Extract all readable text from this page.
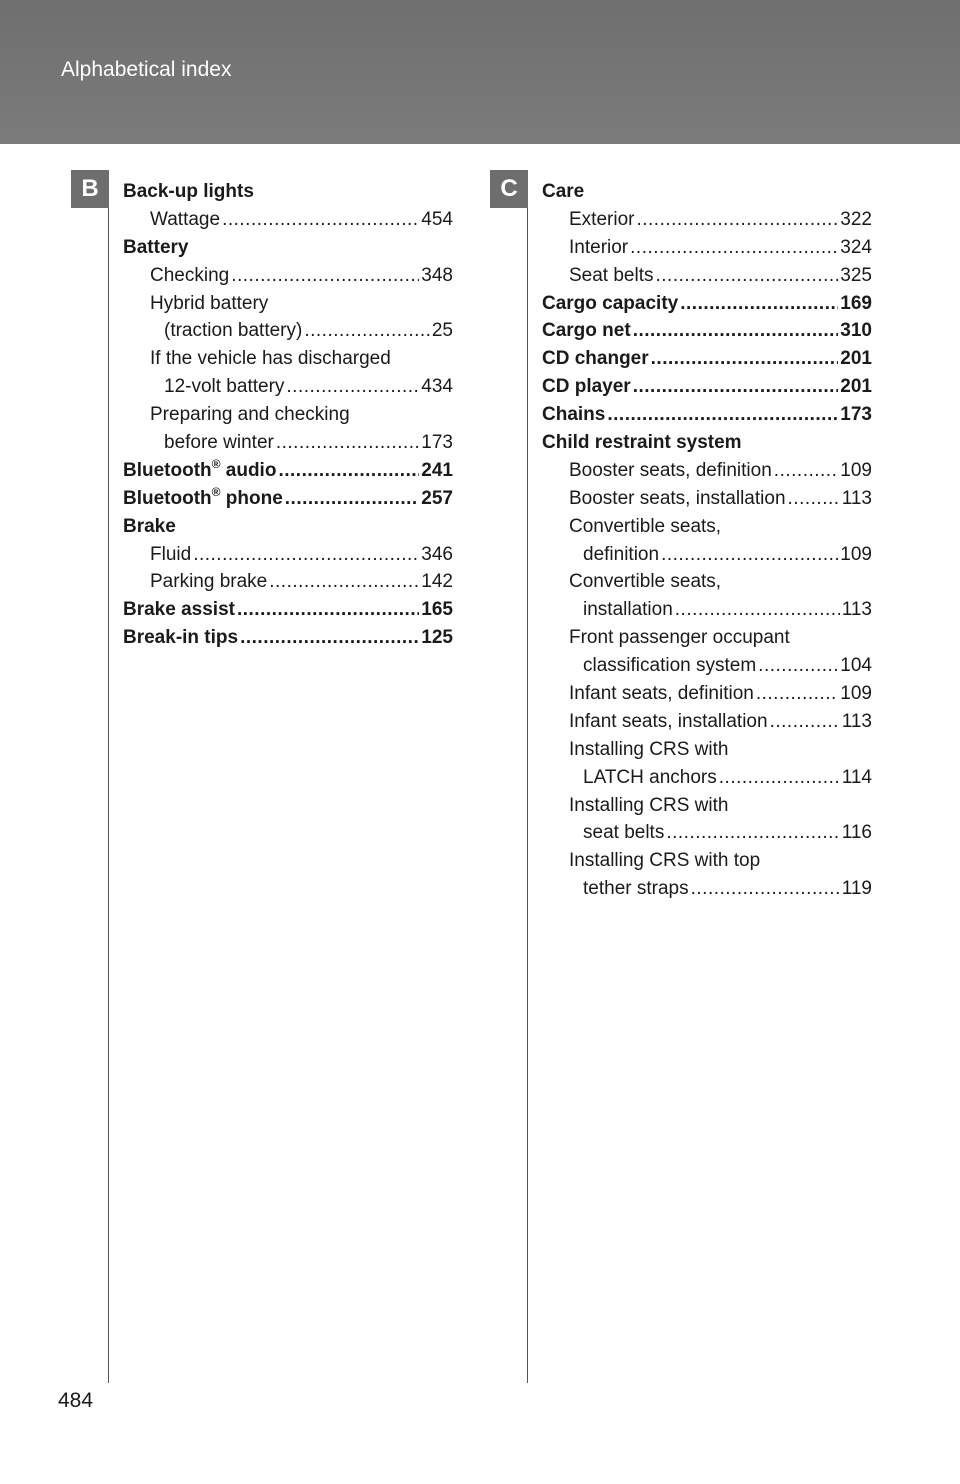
Alphabetical index
B	C
Back-up lights
Wattage .....	454
Battery
Checking .....	348
Hybrid battery
(traction battery) .....	25
If the vehicle has discharged
12-volt battery .....	434
Preparing and checking
before winter .....	173
Bluetooth® audio .....	241
Bluetooth® phone .....	257
Brake
Fluid .....	346
Parking brake .....	142
Brake assist .....	165
Break-in tips .....	125
Care
Exterior .....	322
Interior .....	324
Seat belts .....	325
Cargo capacity .....	169
Cargo net .....	310
CD changer .....	201
CD player .....	201
Chains .....	173
Child restraint system
Booster seats, definition .....	109
Booster seats, installation .....	113
Convertible seats,
definition .....	109
Convertible seats,
installation .....	113
Front passenger occupant
classification system .....	104
Infant seats, definition .....	109
Infant seats, installation .....	113
Installing CRS with
LATCH anchors .....	114
Installing CRS with
seat belts .....	116
Installing CRS with top
tether straps .....	119
484
